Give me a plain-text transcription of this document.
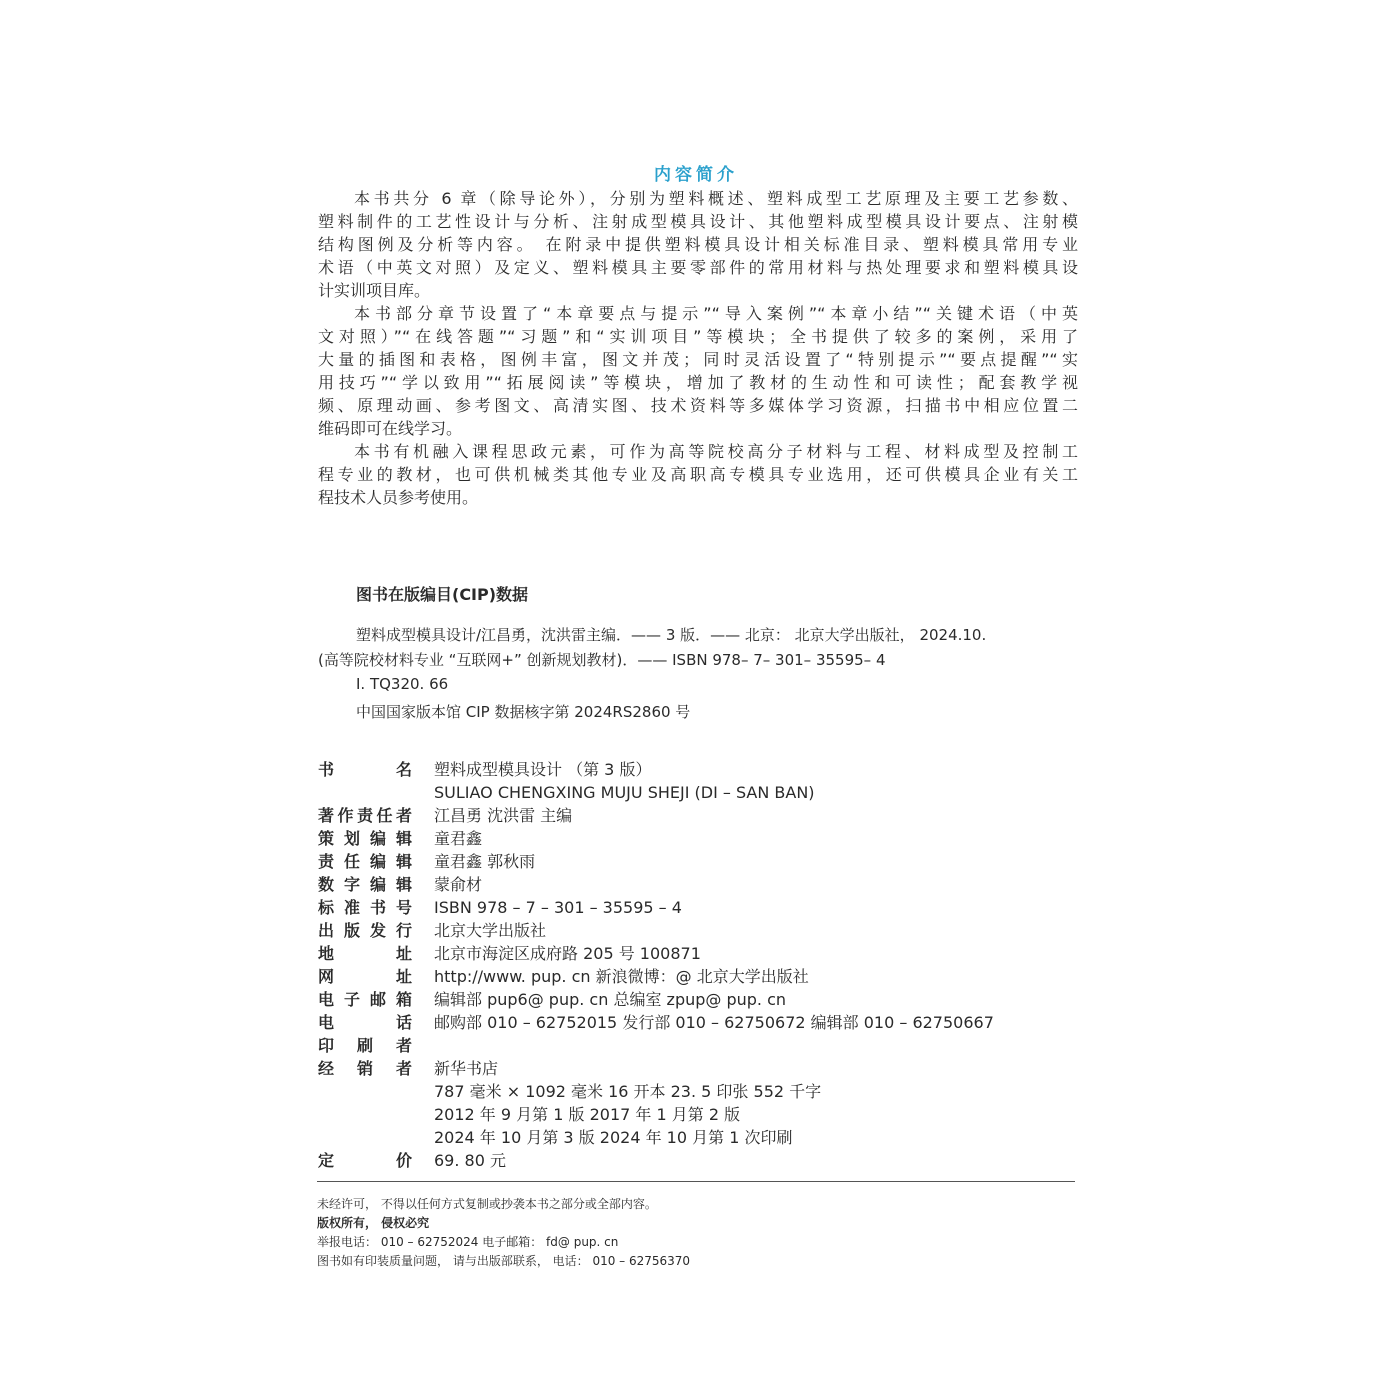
内容简介
本书共分 6 章（除导论外），分别为塑料概述、塑料成型工艺原理及主要工艺参数、
塑料制件的工艺性设计与分析、注射成型模具设计、其他塑料成型模具设计要点、注射模
结构图例及分析等内容。 在附录中提供塑料模具设计相关标准目录、塑料模具常用专业
术语（中英文对照）及定义、塑料模具主要零部件的常用材料与热处理要求和塑料模具设
计实训项目库。
本书部分章节设置了“本章要点与提示”“导入案例”“本章小结”“关键术语（中英
文对照）”“在线答题”“习题”和“实训项目”等模块；全书提供了较多的案例，采用了
大量的插图和表格，图例丰富，图文并茂；同时灵活设置了“特别提示”“要点提醒”“实
用技巧”“学以致用”“拓展阅读”等模块，增加了教材的生动性和可读性；配套教学视
频、原理动画、参考图文、高清实图、技术资料等多媒体学习资源，扫描书中相应位置二
维码即可在线学习。
本书有机融入课程思政元素，可作为高等院校高分子材料与工程、材料成型及控制工
程专业的教材，也可供机械类其他专业及高职高专模具专业选用，还可供模具企业有关工
程技术人员参考使用。
图书在版编目(CIP)数据
塑料成型模具设计/江昌勇，沈洪雷主编．—— 3 版．—— 北京： 北京大学出版社， 2024.10.
(高等院校材料专业 “互联网+” 创新规划教材)．—— ISBN 978– 7– 301– 35595– 4
Ⅰ. TQ320. 66
中国国家版本馆 CIP 数据核字第 2024RS2860 号
书名 塑料成型模具设计 （第 3 版）
SULIAO CHENGXING MUJU SHEJI (DI – SAN BAN)
著作责任者 江昌勇 沈洪雷 主编
策划编辑 童君鑫
责任编辑 童君鑫 郭秋雨
数字编辑 蒙俞材
标准书号 ISBN 978 – 7 – 301 – 35595 – 4
出版发行 北京大学出版社
地址 北京市海淀区成府路 205 号 100871
网址 http://www. pup. cn 新浪微博：@ 北京大学出版社
电子邮箱 编辑部 pup6@ pup. cn 总编室 zpup@ pup. cn
电话 邮购部 010 – 62752015 发行部 010 – 62750672 编辑部 010 – 62750667
印刷者
经销者 新华书店
787 毫米 × 1092 毫米 16 开本 23. 5 印张 552 千字
2012 年 9 月第 1 版 2017 年 1 月第 2 版
2024 年 10 月第 3 版 2024 年 10 月第 1 次印刷
定价 69. 80 元
未经许可， 不得以任何方式复制或抄袭本书之部分或全部内容。
版权所有， 侵权必究
举报电话： 010 – 62752024 电子邮箱： fd@ pup. cn
图书如有印装质量问题， 请与出版部联系， 电话： 010 – 62756370
